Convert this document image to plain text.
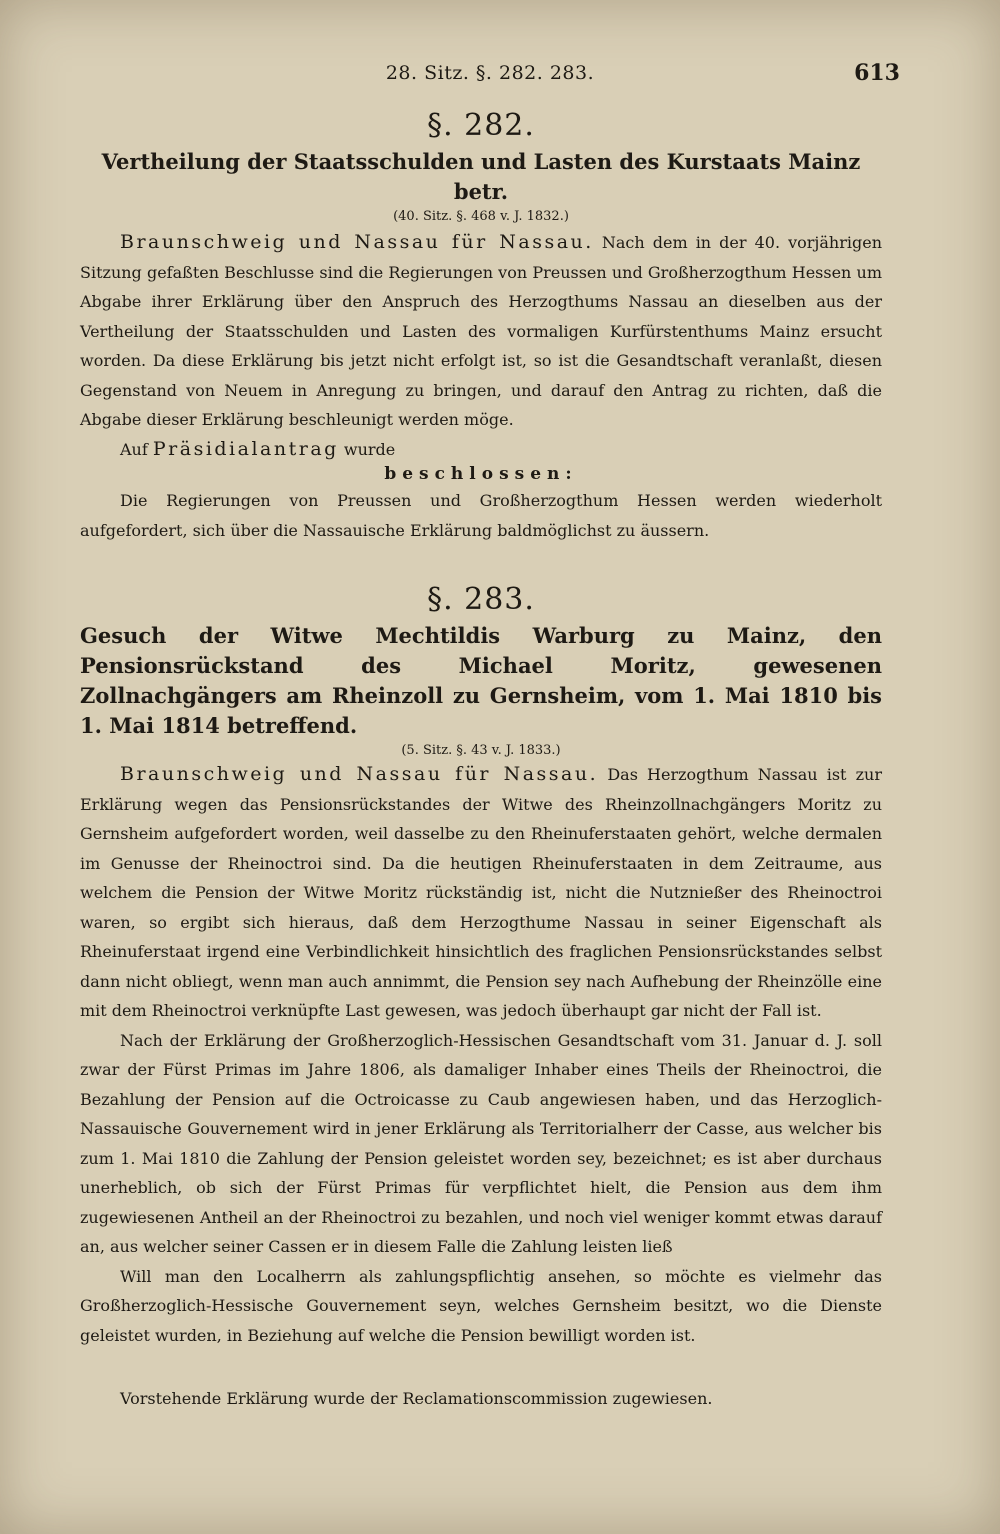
28. Sitz. §. 282. 283.	613
§. 282.
Vertheilung der Staatsschulden und Lasten des Kurstaats Mainz betr.
(40. Sitz. §. 468 v. J. 1832.)

Braunschweig und Nassau für Nassau. Nach dem in der 40. vorjährigen Sitzung gefaßten Beschlusse sind die Regierungen von Preussen und Großherzogthum Hessen um Abgabe ihrer Erklärung über den Anspruch des Herzogthums Nassau an dieselben aus der Vertheilung der Staatsschulden und Lasten des vormaligen Kurfürstenthums Mainz ersucht worden. Da diese Erklärung bis jetzt nicht erfolgt ist, so ist die Gesandtschaft veranlaßt, diesen Gegenstand von Neuem in Anregung zu bringen, und darauf den Antrag zu richten, daß die Abgabe dieser Erklärung beschleunigt werden möge.

Auf Präsidialantrag wurde

beschlossen:

Die Regierungen von Preussen und Großherzogthum Hessen werden wiederholt aufgefordert, sich über die Nassauische Erklärung baldmöglichst zu äussern.

§. 283.
Gesuch der Witwe Mechtildis Warburg zu Mainz, den Pensionsrückstand des Michael Moritz, gewesenen Zollnachgängers am Rheinzoll zu Gernsheim, vom 1. Mai 1810 bis 1. Mai 1814 betreffend.
(5. Sitz. §. 43 v. J. 1833.)

Braunschweig und Nassau für Nassau. Das Herzogthum Nassau ist zur Erklärung wegen das Pensionsrückstandes der Witwe des Rheinzollnachgängers Moritz zu Gernsheim aufgefordert worden, weil dasselbe zu den Rheinuferstaaten gehört, welche dermalen im Genusse der Rheinoctroi sind. Da die heutigen Rheinuferstaaten in dem Zeitraume, aus welchem die Pension der Witwe Moritz rückständig ist, nicht die Nutznießer des Rheinoctroi waren, so ergibt sich hieraus, daß dem Herzogthume Nassau in seiner Eigenschaft als Rheinuferstaat irgend eine Verbindlichkeit hinsichtlich des fraglichen Pensionsrückstandes selbst dann nicht obliegt, wenn man auch annimmt, die Pension sey nach Aufhebung der Rheinzölle eine mit dem Rheinoctroi verknüpfte Last gewesen, was jedoch überhaupt gar nicht der Fall ist.

Nach der Erklärung der Großherzoglich-Hessischen Gesandtschaft vom 31. Januar d. J. soll zwar der Fürst Primas im Jahre 1806, als damaliger Inhaber eines Theils der Rheinoctroi, die Bezahlung der Pension auf die Octroicasse zu Caub angewiesen haben, und das Herzoglich-Nassauische Gouvernement wird in jener Erklärung als Territorialherr der Casse, aus welcher bis zum 1. Mai 1810 die Zahlung der Pension geleistet worden sey, bezeichnet; es ist aber durchaus unerheblich, ob sich der Fürst Primas für verpflichtet hielt, die Pension aus dem ihm zugewiesenen Antheil an der Rheinoctroi zu bezahlen, und noch viel weniger kommt etwas darauf an, aus welcher seiner Cassen er in diesem Falle die Zahlung leisten ließ

Will man den Localherrn als zahlungspflichtig ansehen, so möchte es vielmehr das Großherzoglich-Hessische Gouvernement seyn, welches Gernsheim besitzt, wo die Dienste geleistet wurden, in Beziehung auf welche die Pension bewilligt worden ist.

Vorstehende Erklärung wurde der Reclamationscommission zugewiesen.
